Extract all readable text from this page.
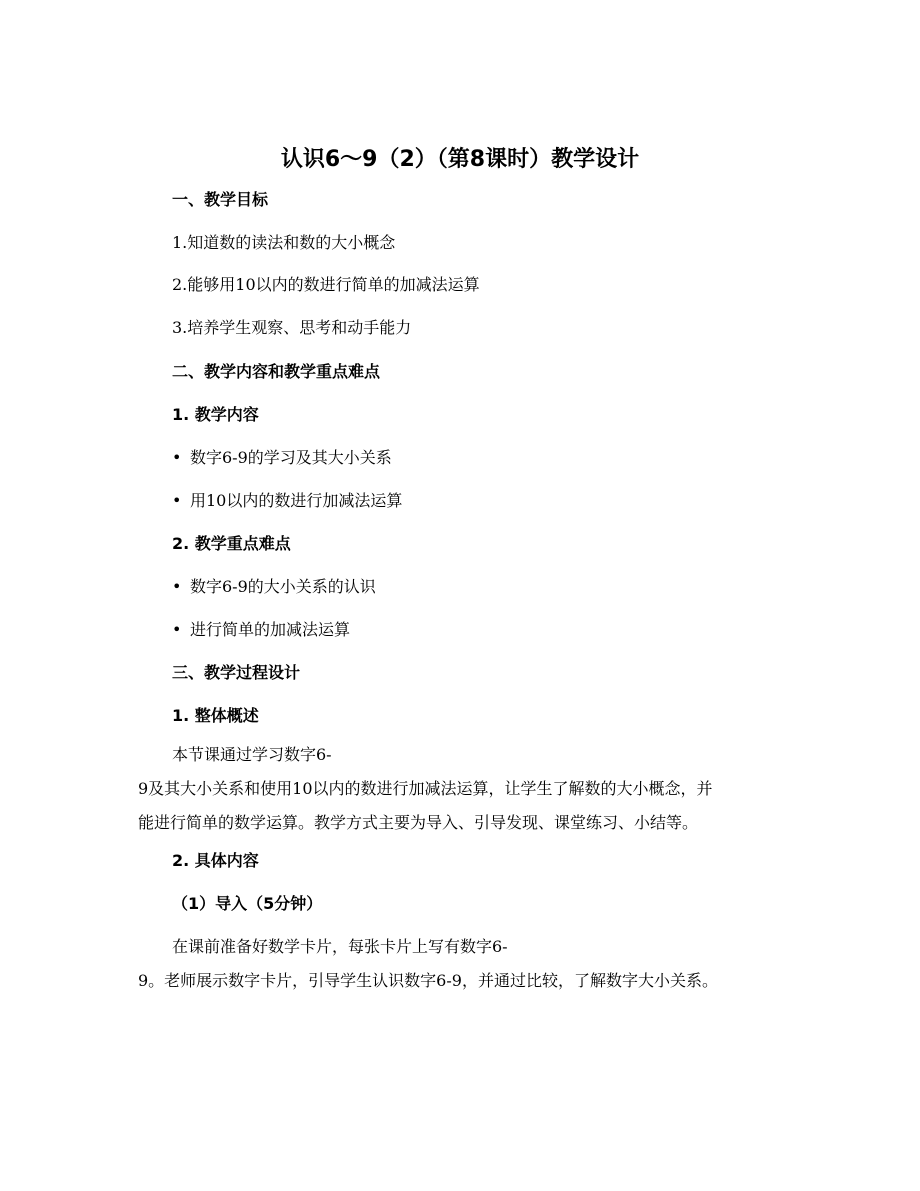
认识6～9（2）（第8课时）教学设计
一、教学目标
1.知道数的读法和数的大小概念
2.能够用10以内的数进行简单的加减法运算
3.培养学生观察、思考和动手能力
二、教学内容和教学重点难点
1. 教学内容
• 数字6-9的学习及其大小关系
• 用10以内的数进行加减法运算
2. 教学重点难点
• 数字6-9的大小关系的认识
• 进行简单的加减法运算
三、教学过程设计
1. 整体概述
本节课通过学习数字6-
9及其大小关系和使用10以内的数进行加减法运算，让学生了解数的大小概念，并
能进行简单的数学运算。教学方式主要为导入、引导发现、课堂练习、小结等。
2. 具体内容
（1）导入（5分钟）
在课前准备好数学卡片，每张卡片上写有数字6-
9。老师展示数字卡片，引导学生认识数字6-9，并通过比较，了解数字大小关系。
